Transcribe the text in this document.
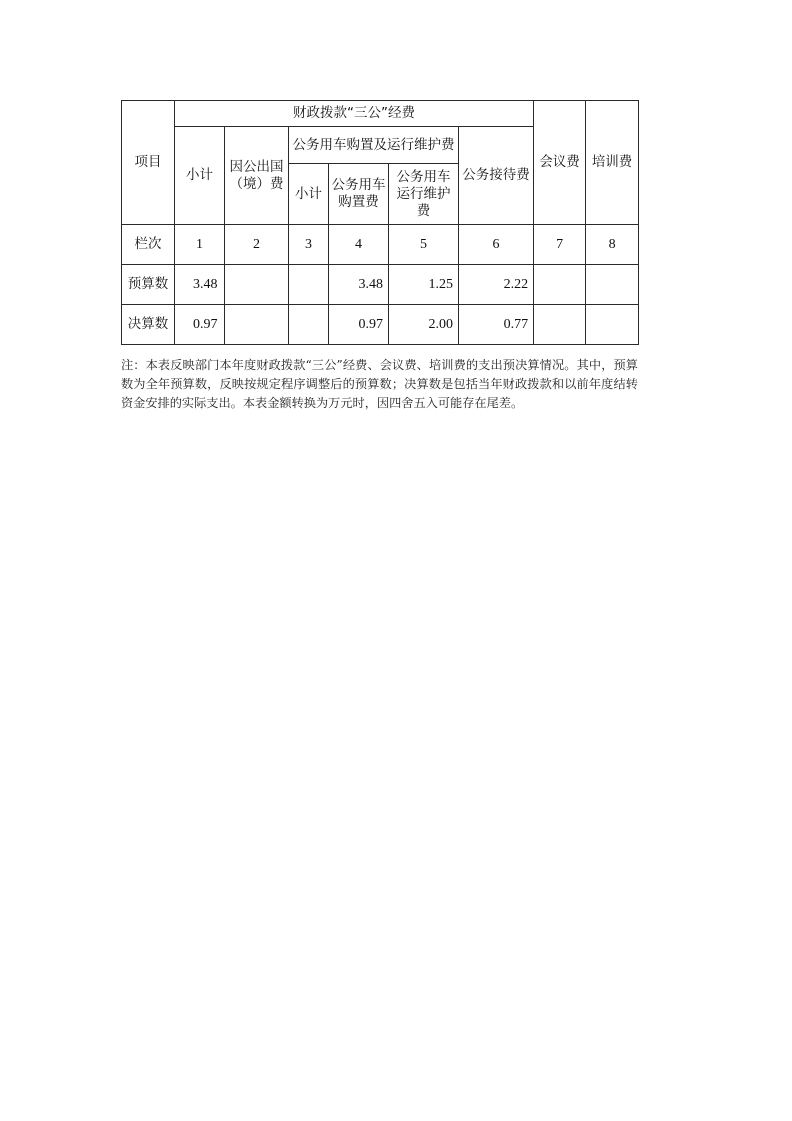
项目	财政拨款“三公”经费						会议费	培训费
	小计	因公出国（境）费	公务用车购置及运行维护费			公务接待费		
			小计	公务用车购置费	公务用车运行维护费			
栏次	1	2	3	4	5	6	7	8
预算数	3.48			3.48	1.25	2.22		
决算数	0.97			0.97	2.00	0.77		
注：本表反映部门本年度财政拨款“三公”经费、会议费、培训费的支出预决算情况。其中，预算数为全年预算数，反映按规定程序调整后的预算数；决算数是包括当年财政拨款和以前年度结转资金安排的实际支出。本表金额转换为万元时，因四舍五入可能存在尾差。
